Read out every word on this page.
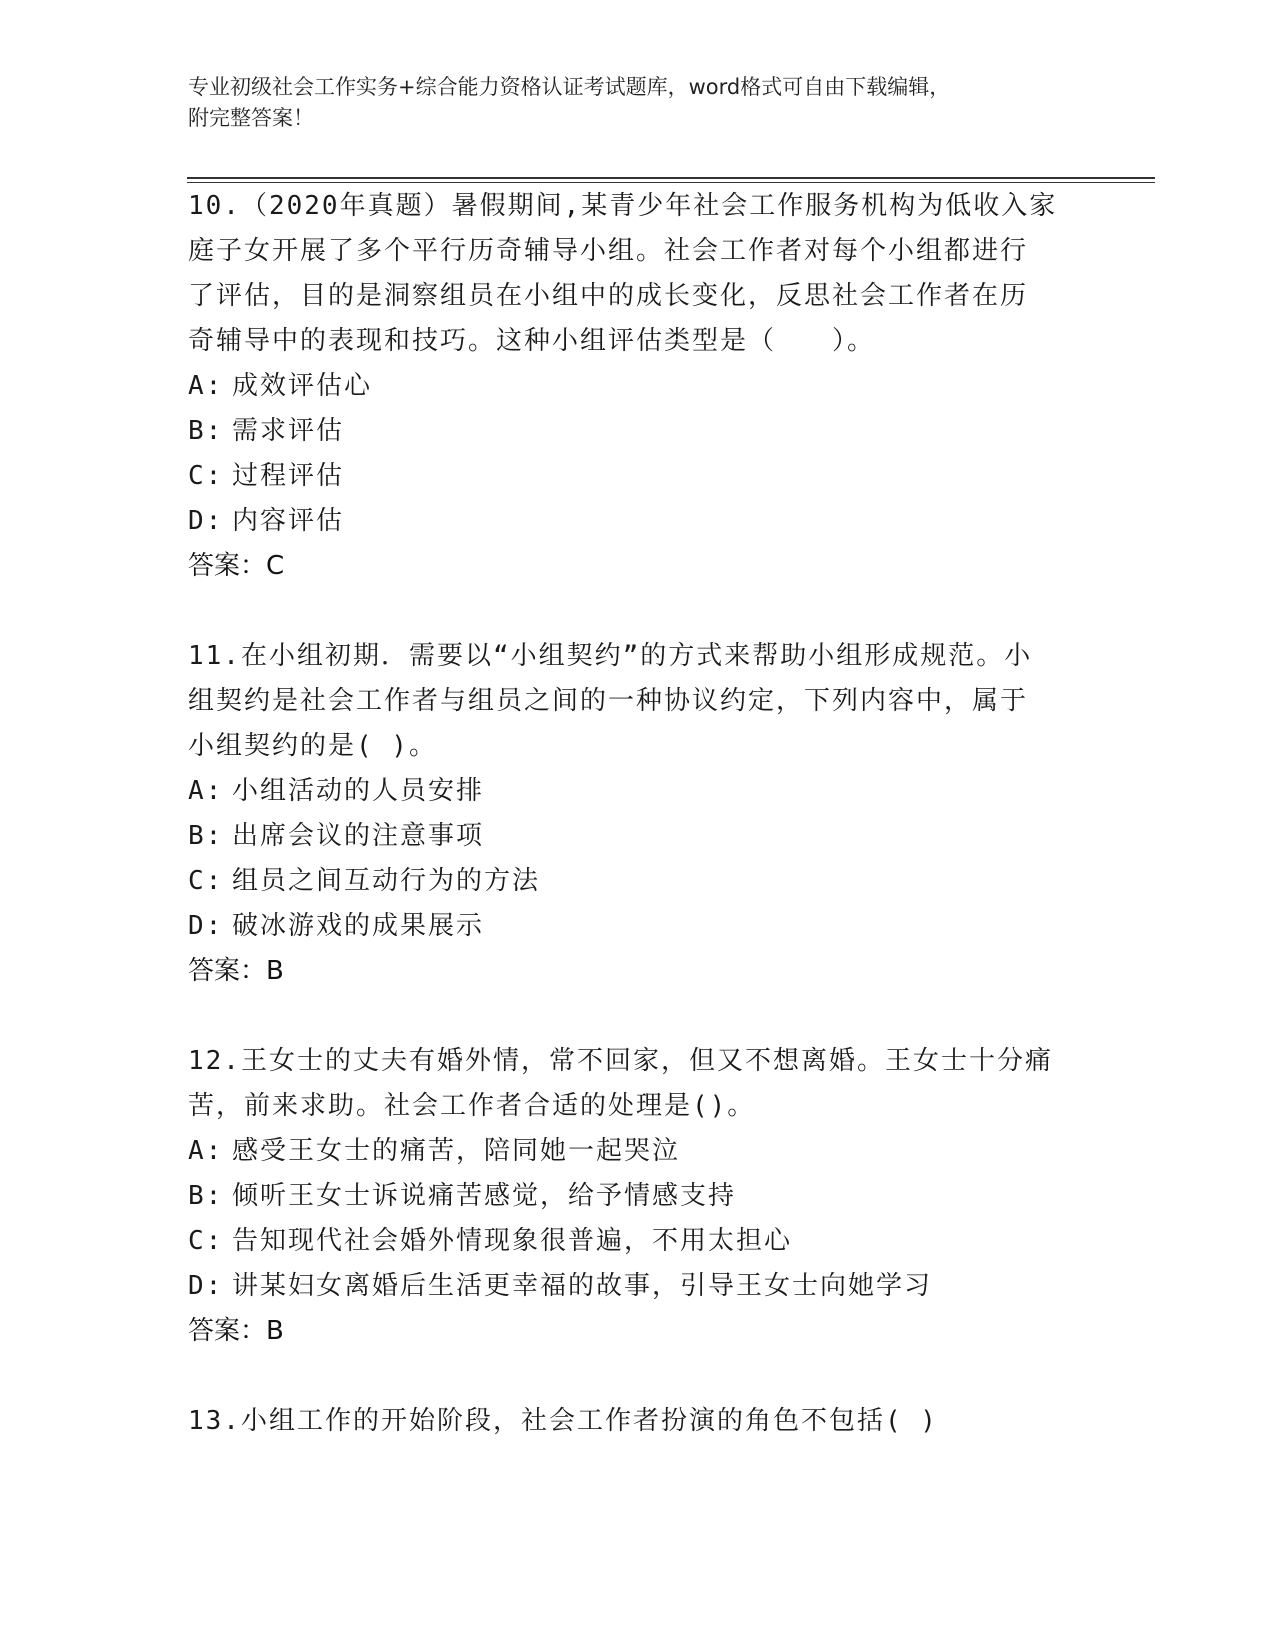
专业初级社会工作实务+综合能力资格认证考试题库，word格式可自由下载编辑，
附完整答案！
10.（2020年真题）暑假期间,某青少年社会工作服务机构为低收入家
庭子女开展了多个平行历奇辅导小组。社会工作者对每个小组都进行
了评估，目的是洞察组员在小组中的成长变化，反思社会工作者在历
奇辅导中的表现和技巧。这种小组评估类型是（　　）。
A: 成效评估心
B: 需求评估
C: 过程评估
D: 内容评估
答案：C
11.在小组初期．需要以“小组契约”的方式来帮助小组形成规范。小
组契约是社会工作者与组员之间的一种协议约定，下列内容中，属于
小组契约的是( )。
A: 小组活动的人员安排
B: 出席会议的注意事项
C: 组员之间互动行为的方法
D: 破冰游戏的成果展示
答案：B
12.王女士的丈夫有婚外情，常不回家，但又不想离婚。王女士十分痛
苦，前来求助。社会工作者合适的处理是()。
A: 感受王女士的痛苦，陪同她一起哭泣
B: 倾听王女士诉说痛苦感觉，给予情感支持
C: 告知现代社会婚外情现象很普遍，不用太担心
D: 讲某妇女离婚后生活更幸福的故事，引导王女士向她学习
答案：B
13.小组工作的开始阶段，社会工作者扮演的角色不包括( )
